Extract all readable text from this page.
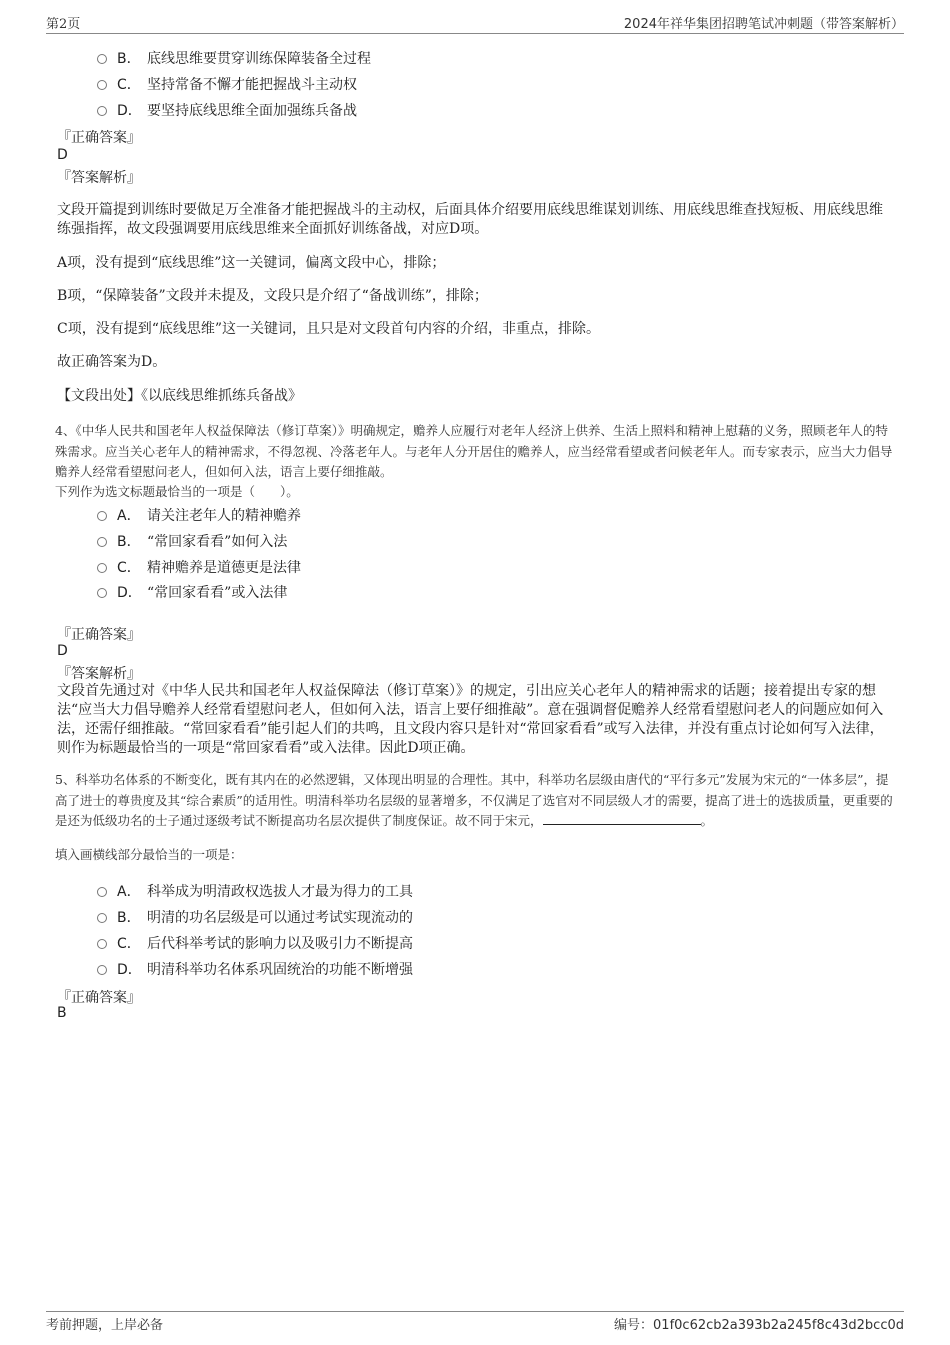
第2页	2024年祥华集团招聘笔试冲刺题（带答案解析）
B． 底线思维要贯穿训练保障装备全过程
C． 坚持常备不懈才能把握战斗主动权
D． 要坚持底线思维全面加强练兵备战
『正确答案』
D
『答案解析』
文段开篇提到训练时要做足万全准备才能把握战斗的主动权，后面具体介绍要用底线思维谋划训练、用底线思维查找短板、用底线思维练强指挥，故文段强调要用底线思维来全面抓好训练备战，对应D项。
A项，没有提到“底线思维”这一关键词，偏离文段中心，排除；
B项，“保障装备”文段并未提及，文段只是介绍了“备战训练”，排除；
C项，没有提到“底线思维”这一关键词，且只是对文段首句内容的介绍，非重点，排除。
故正确答案为D。
【文段出处】《以底线思维抓练兵备战》
4、《中华人民共和国老年人权益保障法（修订草案）》明确规定，赡养人应履行对老年人经济上供养、生活上照料和精神上慰藉的义务，照顾老年人的特殊需求。应当关心老年人的精神需求，不得忽视、冷落老年人。与老年人分开居住的赡养人，应当经常看望或者问候老年人。而专家表示，应当大力倡导赡养人经常看望慰问老人，但如何入法，语言上要仔细推敲。
下列作为选文标题最恰当的一项是（　　）。
A． 请关注老年人的精神赡养
B． “常回家看看”如何入法
C． 精神赡养是道德更是法律
D． “常回家看看”或入法律
『正确答案』
D
『答案解析』
文段首先通过对《中华人民共和国老年人权益保障法（修订草案）》的规定，引出应关心老年人的精神需求的话题；接着提出专家的想法“应当大力倡导赡养人经常看望慰问老人，但如何入法，语言上要仔细推敲”。意在强调督促赡养人经常看望慰问老人的问题应如何入法，还需仔细推敲。“常回家看看”能引起人们的共鸣，且文段内容只是针对“常回家看看”或写入法律，并没有重点讨论如何写入法律，则作为标题最恰当的一项是“常回家看看”或入法律。因此D项正确。
5、科举功名体系的不断变化，既有其内在的必然逻辑，又体现出明显的合理性。其中，科举功名层级由唐代的“平行多元”发展为宋元的“一体多层”，提高了进士的尊贵度及其“综合素质”的适用性。明清科举功名层级的显著增多，不仅满足了选官对不同层级人才的需要，提高了进士的选拔质量，更重要的是还为低级功名的士子通过逐级考试不断提高功名层次提供了制度保证。故不同于宋元，	。
填入画横线部分最恰当的一项是：
A． 科举成为明清政权选拔人才最为得力的工具
B． 明清的功名层级是可以通过考试实现流动的
C． 后代科举考试的影响力以及吸引力不断提高
D． 明清科举功名体系巩固统治的功能不断增强
『正确答案』
B
考前押题，上岸必备	编号：01f0c62cb2a393b2a245f8c43d2bcc0d
